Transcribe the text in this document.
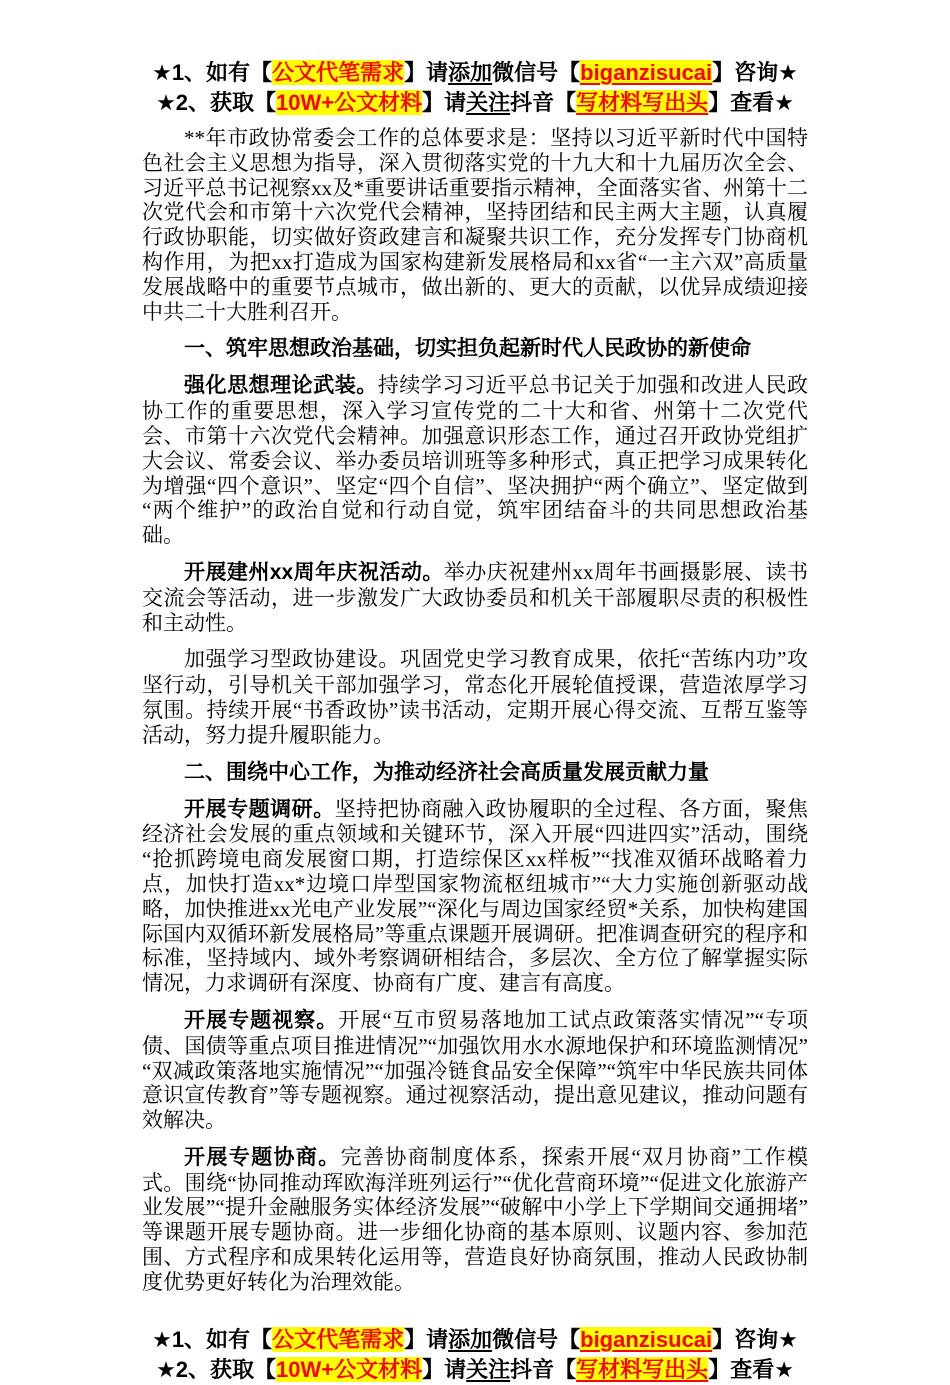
★1、如有【公文代笔需求】请添加微信号【biganzisucai】咨询★

★2、获取【10W+公文材料】请关注抖音【写材料写出头】查看★

**年市政协常委会工作的总体要求是：坚持以习近平新时代中国特色社会主义思想为指导，深入贯彻落实党的十九大和十九届历次全会、习近平总书记视察xx及*重要讲话重要指示精神，全面落实省、州第十二次党代会和市第十六次党代会精神，坚持团结和民主两大主题，认真履行政协职能，切实做好资政建言和凝聚共识工作，充分发挥专门协商机构作用，为把xx打造成为国家构建新发展格局和xx省“一主六双”高质量发展战略中的重要节点城市，做出新的、更大的贡献，以优异成绩迎接中共二十大胜利召开。

一、筑牢思想政治基础，切实担负起新时代人民政协的新使命

强化思想理论武装。持续学习习近平总书记关于加强和改进人民政协工作的重要思想，深入学习宣传党的二十大和省、州第十二次党代会、市第十六次党代会精神。加强意识形态工作，通过召开政协党组扩大会议、常委会议、举办委员培训班等多种形式，真正把学习成果转化为增强“四个意识”、坚定“四个自信”、坚决拥护“两个确立”、坚定做到“两个维护”的政治自觉和行动自觉，筑牢团结奋斗的共同思想政治基础。

开展建州xx周年庆祝活动。举办庆祝建州xx周年书画摄影展、读书交流会等活动，进一步激发广大政协委员和机关干部履职尽责的积极性和主动性。

加强学习型政协建设。巩固党史学习教育成果，依托“苦练内功”攻坚行动，引导机关干部加强学习，常态化开展轮值授课，营造浓厚学习氛围。持续开展“书香政协”读书活动，定期开展心得交流、互帮互鉴等活动，努力提升履职能力。

二、围绕中心工作，为推动经济社会高质量发展贡献力量

开展专题调研。坚持把协商融入政协履职的全过程、各方面，聚焦经济社会发展的重点领域和关键环节，深入开展“四进四实”活动，围绕“抢抓跨境电商发展窗口期，打造综保区xx样板”“找准双循环战略着力点，加快打造xx*边境口岸型国家物流枢纽城市”“大力实施创新驱动战略，加快推进xx光电产业发展”“深化与周边国家经贸*关系，加快构建国际国内双循环新发展格局”等重点课题开展调研。把准调查研究的程序和标准，坚持域内、域外考察调研相结合，多层次、全方位了解掌握实际情况，力求调研有深度、协商有广度、建言有高度。

开展专题视察。开展“互市贸易落地加工试点政策落实情况”“专项债、国债等重点项目推进情况”“加强饮用水水源地保护和环境监测情况”“双减政策落地实施情况”“加强冷链食品安全保障”“筑牢中华民族共同体意识宣传教育”等专题视察。通过视察活动，提出意见建议，推动问题有效解决。

开展专题协商。完善协商制度体系，探索开展“双月协商”工作模式。围绕“协同推动珲欧海洋班列运行”“优化营商环境”“促进文化旅游产业发展”“提升金融服务实体经济发展”“破解中小学上下学期间交通拥堵”等课题开展专题协商。进一步细化协商的基本原则、议题内容、参加范围、方式程序和成果转化运用等，营造良好协商氛围，推动人民政协制度优势更好转化为治理效能。

★1、如有【公文代笔需求】请添加微信号【biganzisucai】咨询★

★2、获取【10W+公文材料】请关注抖音【写材料写出头】查看★
